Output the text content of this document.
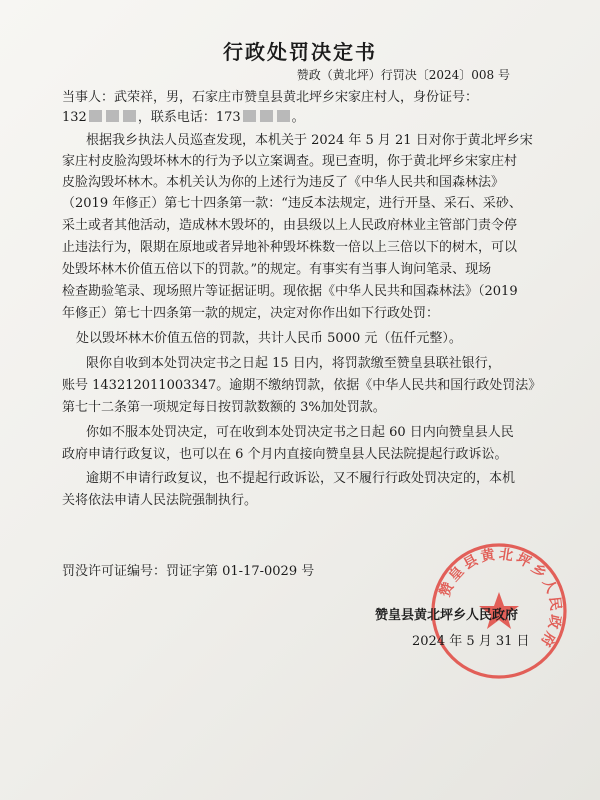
行政处罚决定书
赞政（黄北坪）行罚决〔2024〕008 号
当事人：武荣祥，男，石家庄市赞皇县黄北坪乡宋家庄村人，身份证号：
132	，联系电话：173	。
根据我乡执法人员巡查发现，本机关于 2024 年 5 月 21 日对你于黄北坪乡宋
家庄村皮脸沟毁坏林木的行为予以立案调查。现已查明，你于黄北坪乡宋家庄村
皮脸沟毁坏林木。本机关认为你的上述行为违反了《中华人民共和国森林法》
（2019 年修正）第七十四条第一款：“违反本法规定，进行开垦、采石、采砂、
采土或者其他活动，造成林木毁坏的，由县级以上人民政府林业主管部门责令停
止违法行为，限期在原地或者异地补种毁坏株数一倍以上三倍以下的树木，可以
处毁坏林木价值五倍以下的罚款。”的规定。有事实有当事人询问笔录、现场
检查勘验笔录、现场照片等证据证明。现依据《中华人民共和国森林法》（2019
年修正）第七十四条第一款的规定，决定对你作出如下行政处罚：
处以毁坏林木价值五倍的罚款，共计人民币 5000 元（伍仟元整）。
限你自收到本处罚决定书之日起 15 日内，将罚款缴至赞皇县联社银行，
账号 143212011003347。逾期不缴纳罚款，依据《中华人民共和国行政处罚法》
第七十二条第一项规定每日按罚款数额的 3%加处罚款。
你如不服本处罚决定，可在收到本处罚决定书之日起 60 日内向赞皇县人民
政府申请行政复议，也可以在 6 个月内直接向赞皇县人民法院提起行政诉讼。
逾期不申请行政复议，也不提起行政诉讼，又不履行行政处罚决定的，本机
关将依法申请人民法院强制执行。
罚没许可证编号：罚证字第 01-17-0029 号
赞皇县黄北坪乡人民政府
赞皇县黄北坪乡人民政府
2024 年 5 月 31 日
